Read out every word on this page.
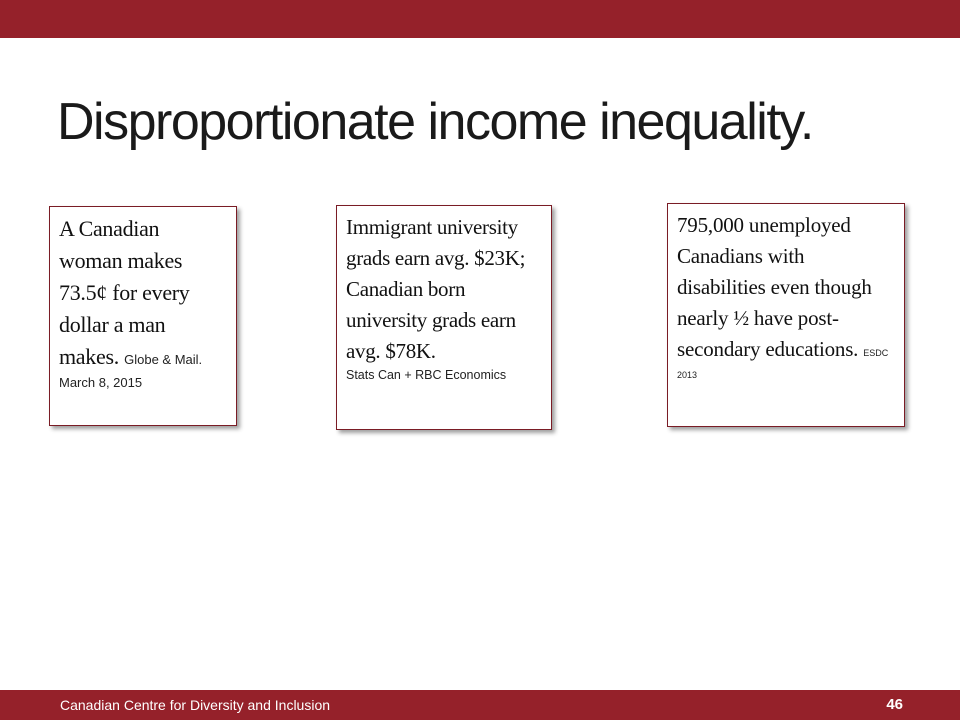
Disproportionate income inequality.
A Canadian woman makes 73.5¢ for every dollar a man makes. Globe & Mail. March 8, 2015
Immigrant university grads earn avg. $23K; Canadian born university grads earn avg. $78K.
Stats Can + RBC Economics
795,000 unemployed Canadians with disabilities even though nearly ½ have post-secondary educations. ESDC 2013
Canadian Centre for Diversity and Inclusion	46
